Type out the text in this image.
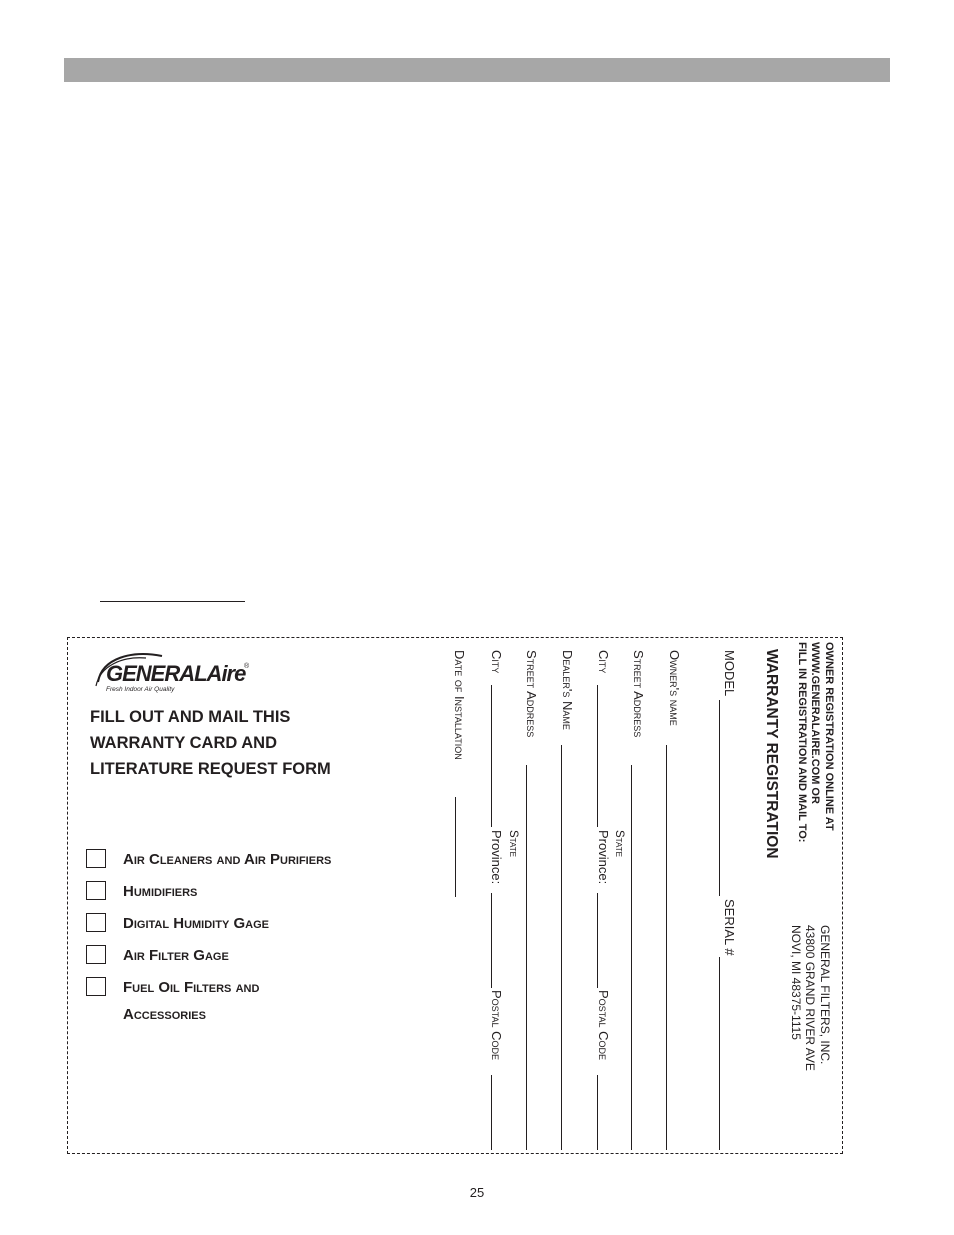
GENERALAire
®
Fresh Indoor Air Quality
FILL OUT AND MAIL THIS
WARRANTY CARD AND
LITERATURE REQUEST FORM
Air Cleaners and Air Purifiers
Humidifiers
Digital Humidity Gage
Air Filter Gage
Fuel Oil Filters and
Accessories
OWNER REGISTRATION ONLINE AT
WWW.GENERALAIRE.COM OR
FILL IN REGISTRATION AND MAIL TO:
GENERAL FILTERS, INC.
43800 GRAND RIVER AVE
NOVI, MI 48375-1115
WARRANTY REGISTRATION
MODEL
SERIAL #
Owner's name
Street Address
City
State
Province:
Postal Code
Dealer's Name
Street Address
City
State
Province:
Postal Code
Date of Installation
25
